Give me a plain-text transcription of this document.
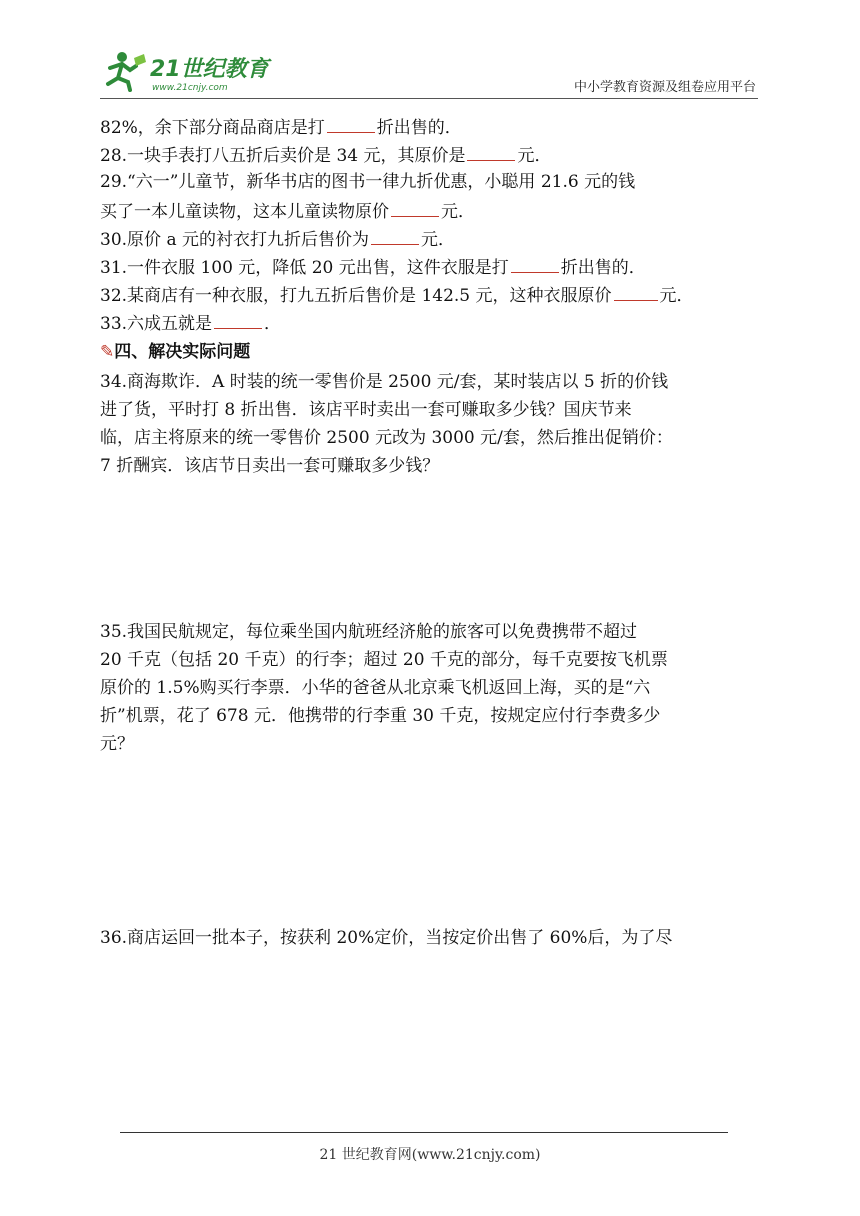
21世纪教育
www.21cnjy.com	中小学教育资源及组卷应用平台
82%，余下部分商品商店是打	折出售的．
28.一块手表打八五折后卖价是 34 元，其原价是	元．
29.“六一”儿童节，新华书店的图书一律九折优惠，小聪用 21.6 元的钱
买了一本儿童读物，这本儿童读物原价	元．
30.原价 a 元的衬衣打九折后售价为	元．
31.一件衣服 100 元，降低 20 元出售，这件衣服是打	折出售的．
32.某商店有一种衣服，打九五折后售价是 142.5 元，这种衣服原价	元．
33.六成五就是	．
✎四、解决实际问题
34.商海欺诈．A 时装的统一零售价是 2500 元/套，某时装店以 5 折的价钱
进了货，平时打 8 折出售．该店平时卖出一套可赚取多少钱？国庆节来
临，店主将原来的统一零售价 2500 元改为 3000 元/套，然后推出促销价：
7 折酬宾．该店节日卖出一套可赚取多少钱？
35.我国民航规定，每位乘坐国内航班经济舱的旅客可以免费携带不超过
20 千克（包括 20 千克）的行李；超过 20 千克的部分，每千克要按飞机票
原价的 1.5%购买行李票．小华的爸爸从北京乘飞机返回上海，买的是“六
折”机票，花了 678 元．他携带的行李重 30 千克，按规定应付行李费多少
元？
36.商店运回一批本子，按获利 20%定价，当按定价出售了 60%后，为了尽
21 世纪教育网(www.21cnjy.com)
